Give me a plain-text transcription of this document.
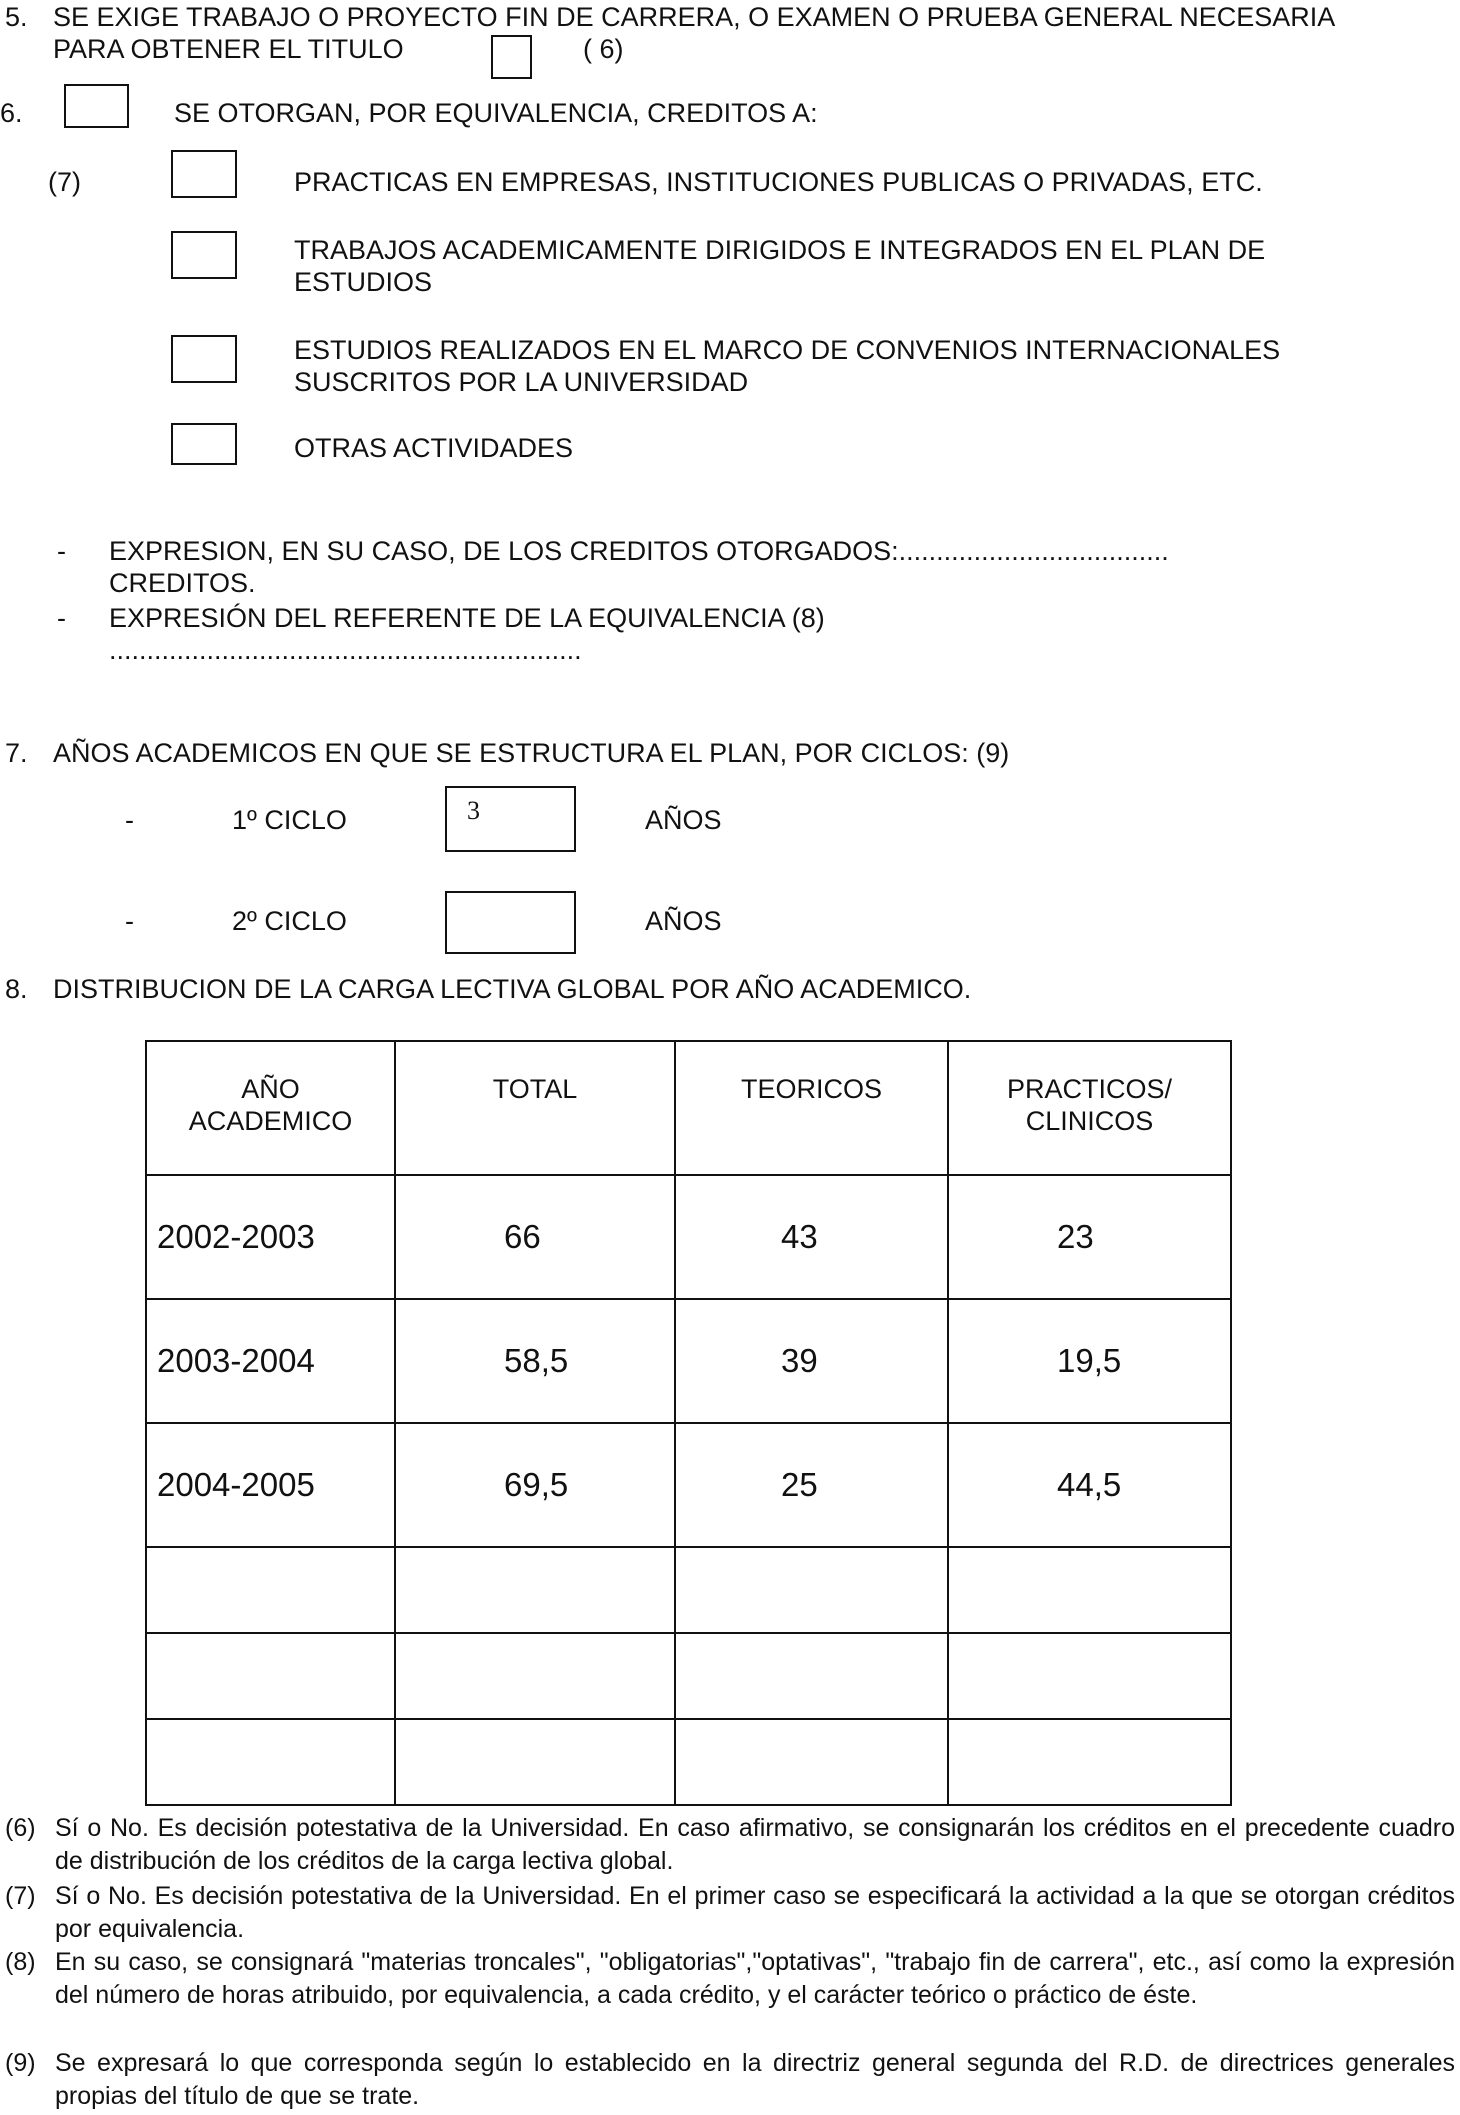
5. SE EXIGE TRABAJO O PROYECTO FIN DE CARRERA, O EXAMEN O PRUEBA GENERAL NECESARIA
PARA OBTENER EL TITULO	( 6)
6.	SE OTORGAN, POR EQUIVALENCIA, CREDITOS A:
(7)	PRACTICAS EN EMPRESAS, INSTITUCIONES PUBLICAS O PRIVADAS, ETC.
TRABAJOS ACADEMICAMENTE DIRIGIDOS E INTEGRADOS EN EL PLAN DE
ESTUDIOS
ESTUDIOS REALIZADOS EN EL MARCO DE CONVENIOS INTERNACIONALES
SUSCRITOS POR LA UNIVERSIDAD
OTRAS ACTIVIDADES
- EXPRESION, EN SU CASO, DE LOS CREDITOS OTORGADOS:....................................
CREDITOS.
- EXPRESIÓN DEL REFERENTE DE LA EQUIVALENCIA (8)
...............................................................
7. AÑOS ACADEMICOS EN QUE SE ESTRUCTURA EL PLAN, POR CICLOS: (9)
-	1º CICLO	3	AÑOS
-	2º CICLO	AÑOS
8. DISTRIBUCION DE LA CARGA LECTIVA GLOBAL POR AÑO ACADEMICO.
AÑO
ACADEMICO	TOTAL	TEORICOS	PRACTICOS/
CLINICOS
2002-2003	66	43	23
2003-2004	58,5	39	19,5
2004-2005	69,5	25	44,5

(6) Sí o No. Es decisión potestativa de la Universidad. En caso afirmativo, se consignarán los créditos en el precedente cuadro de distribución de los créditos de la carga lectiva global.
(7) Sí o No. Es decisión potestativa de la Universidad. En el primer caso se especificará la actividad a la que se otorgan créditos por equivalencia.
(8) En su caso, se consignará "materias troncales", "obligatorias","optativas", "trabajo fin de carrera", etc., así como la expresión del número de horas atribuido, por equivalencia, a cada crédito, y el carácter teórico o práctico de éste.
(9) Se expresará lo que corresponda según lo establecido en la directriz general segunda del R.D. de directrices generales propias del título de que se trate.
